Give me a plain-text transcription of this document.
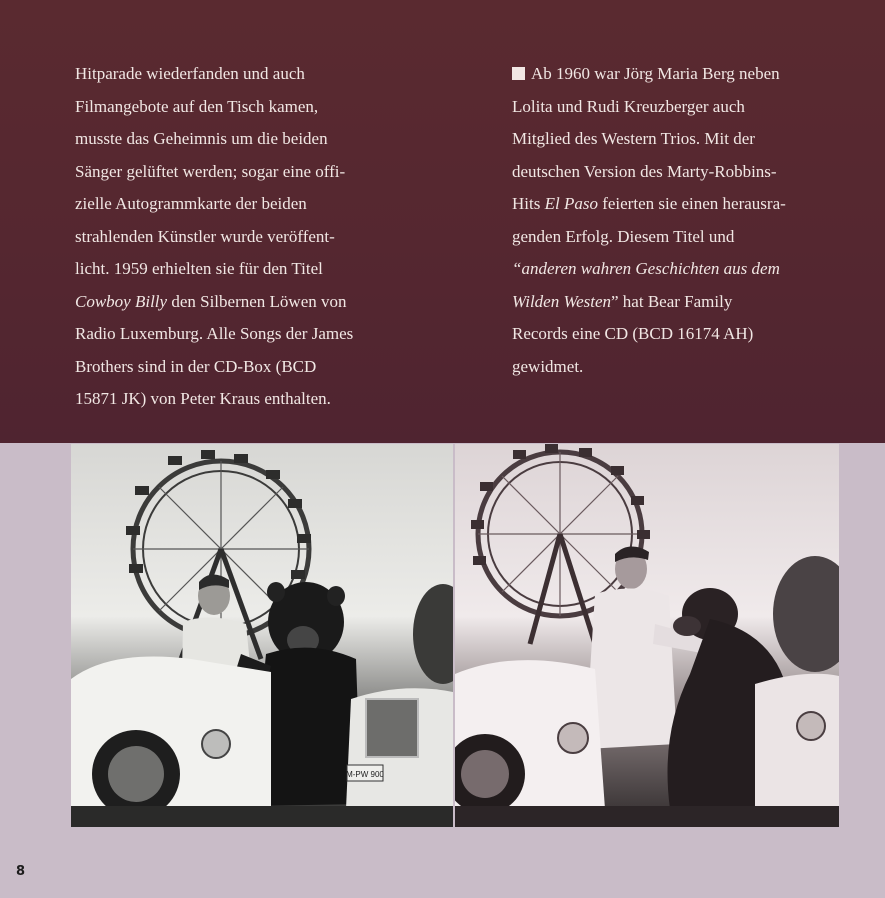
Hitparade wiederfanden und auch

Filmangebote auf den Tisch kamen,

musste das Geheimnis um die beiden

Sänger gelüftet werden; sogar eine offi-

zielle Autogrammkarte der beiden

strahlenden Künstler wurde veröffent-

licht. 1959 erhielten sie für den Titel

Cowboy Billy den Silbernen Löwen von

Radio Luxemburg. Alle Songs der James

Brothers sind in der CD-Box (BCD

15871 JK) von Peter Kraus enthalten.

Ab 1960 war Jörg Maria Berg neben

Lolita und Rudi Kreuzberger auch

Mitglied des Western Trios. Mit der

deutschen Version des Marty-Robbins-

Hits El Paso feierten sie einen herausra-

genden Erfolg. Diesem Titel und

“anderen wahren Geschichten aus dem

Wilden Westen” hat Bear Family

Records eine CD (BCD 16174 AH)

gewidmet.

M-PW 900
8
